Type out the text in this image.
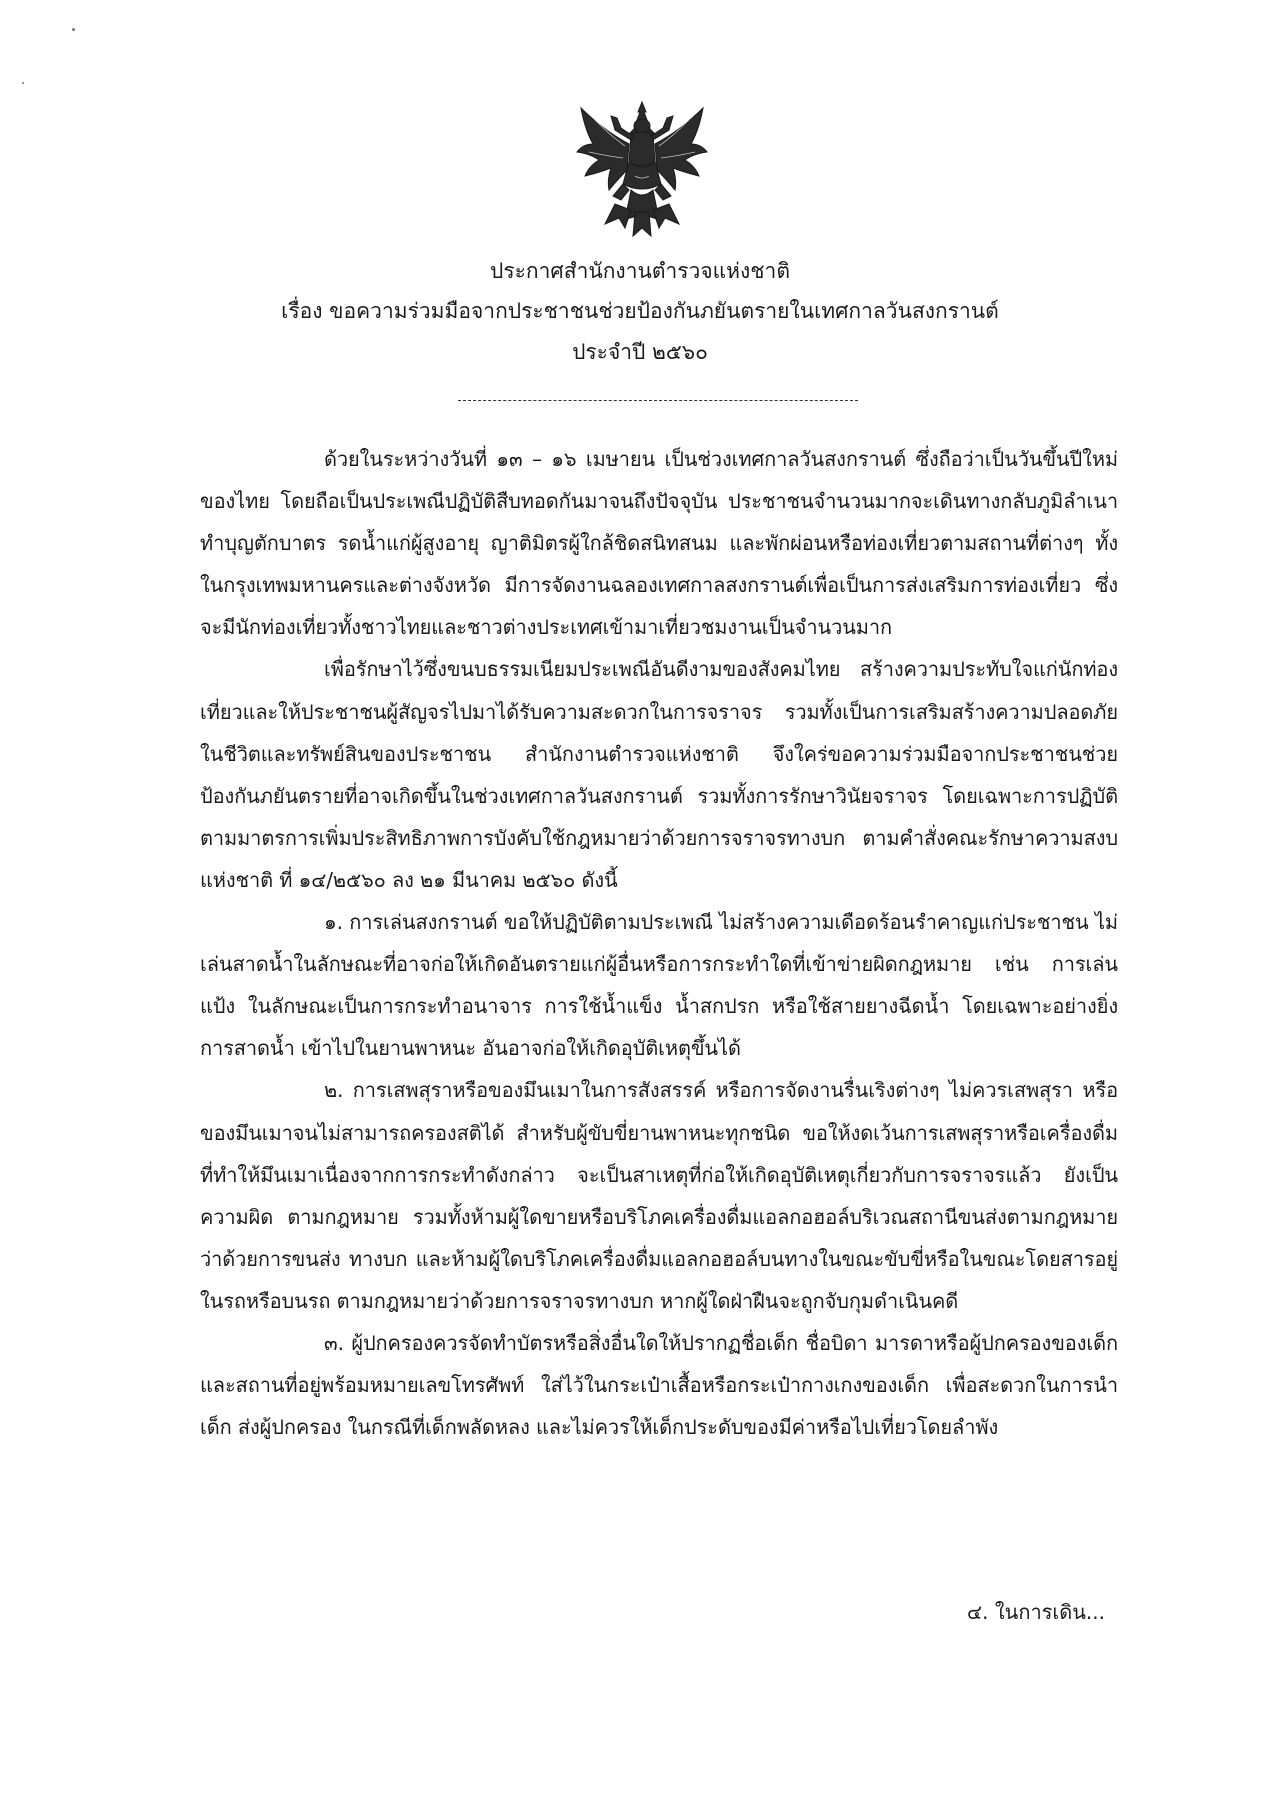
ประกาศสำนักงานตำรวจแห่งชาติ
เรื่อง ขอความร่วมมือจากประชาชนช่วยป้องกันภยันตรายในเทศกาลวันสงกรานต์
ประจำปี ๒๕๖๐

ด้วยในระหว่างวันที่ ๑๓ – ๑๖ เมษายน เป็นช่วงเทศกาลวันสงกรานต์ ซึ่งถือว่าเป็นวันขึ้นปีใหม่ของไทย โดยถือเป็นประเพณีปฏิบัติสืบทอดกันมาจนถึงปัจจุบัน ประชาชนจำนวนมากจะเดินทางกลับภูมิลำเนา ทำบุญตักบาตร รดน้ำแก่ผู้สูงอายุ ญาติมิตรผู้ใกล้ชิดสนิทสนม และพักผ่อนหรือท่องเที่ยวตามสถานที่ต่างๆ ทั้งในกรุงเทพมหานครและต่างจังหวัด มีการจัดงานฉลองเทศกาลสงกรานต์เพื่อเป็นการส่งเสริมการท่องเที่ยว ซึ่งจะมีนักท่องเที่ยวทั้งชาวไทยและชาวต่างประเทศเข้ามาเที่ยวชมงานเป็นจำนวนมาก

เพื่อรักษาไว้ซึ่งขนบธรรมเนียมประเพณีอันดีงามของสังคมไทย สร้างความประทับใจแก่นักท่องเที่ยวและให้ประชาชนผู้สัญจรไปมาได้รับความสะดวกในการจราจร รวมทั้งเป็นการเสริมสร้างความปลอดภัยในชีวิตและทรัพย์สินของประชาชน สำนักงานตำรวจแห่งชาติ จึงใคร่ขอความร่วมมือจากประชาชนช่วยป้องกันภยันตรายที่อาจเกิดขึ้นในช่วงเทศกาลวันสงกรานต์ รวมทั้งการรักษาวินัยจราจร โดยเฉพาะการปฏิบัติตามมาตรการเพิ่มประสิทธิภาพการบังคับใช้กฎหมายว่าด้วยการจราจรทางบก ตามคำสั่งคณะรักษาความสงบแห่งชาติ ที่ ๑๔/๒๕๖๐ ลง ๒๑ มีนาคม ๒๕๖๐ ดังนี้

๑. การเล่นสงกรานต์ ขอให้ปฏิบัติตามประเพณี ไม่สร้างความเดือดร้อนรำคาญแก่ประชาชน ไม่เล่นสาดน้ำในลักษณะที่อาจก่อให้เกิดอันตรายแก่ผู้อื่นหรือการกระทำใดที่เข้าข่ายผิดกฎหมาย เช่น การเล่นแป้ง ในลักษณะเป็นการกระทำอนาจาร การใช้น้ำแข็ง น้ำสกปรก หรือใช้สายยางฉีดน้ำ โดยเฉพาะอย่างยิ่งการสาดน้ำ เข้าไปในยานพาหนะ อันอาจก่อให้เกิดอุบัติเหตุขึ้นได้

๒. การเสพสุราหรือของมึนเมาในการสังสรรค์ หรือการจัดงานรื่นเริงต่างๆ ไม่ควรเสพสุรา หรือของมึนเมาจนไม่สามารถครองสติได้ สำหรับผู้ขับขี่ยานพาหนะทุกชนิด ขอให้งดเว้นการเสพสุราหรือเครื่องดื่ม ที่ทำให้มึนเมาเนื่องจากการกระทำดังกล่าว จะเป็นสาเหตุที่ก่อให้เกิดอุบัติเหตุเกี่ยวกับการจราจรแล้ว ยังเป็นความผิด ตามกฎหมาย รวมทั้งห้ามผู้ใดขายหรือบริโภคเครื่องดื่มแอลกอฮอล์บริเวณสถานีขนส่งตามกฎหมายว่าด้วยการขนส่ง ทางบก และห้ามผู้ใดบริโภคเครื่องดื่มแอลกอฮอล์บนทางในขณะขับขี่หรือในขณะโดยสารอยู่ในรถหรือบนรถ ตามกฎหมายว่าด้วยการจราจรทางบก หากผู้ใดฝ่าฝืนจะถูกจับกุมดำเนินคดี

๓. ผู้ปกครองควรจัดทำบัตรหรือสิ่งอื่นใดให้ปรากฏชื่อเด็ก ชื่อบิดา มารดาหรือผู้ปกครองของเด็ก และสถานที่อยู่พร้อมหมายเลขโทรศัพท์ ใส่ไว้ในกระเป๋าเสื้อหรือกระเป๋ากางเกงของเด็ก เพื่อสะดวกในการนำเด็ก ส่งผู้ปกครอง ในกรณีที่เด็กพลัดหลง และไม่ควรให้เด็กประดับของมีค่าหรือไปเที่ยวโดยลำพัง

๔. ในการเดิน...
